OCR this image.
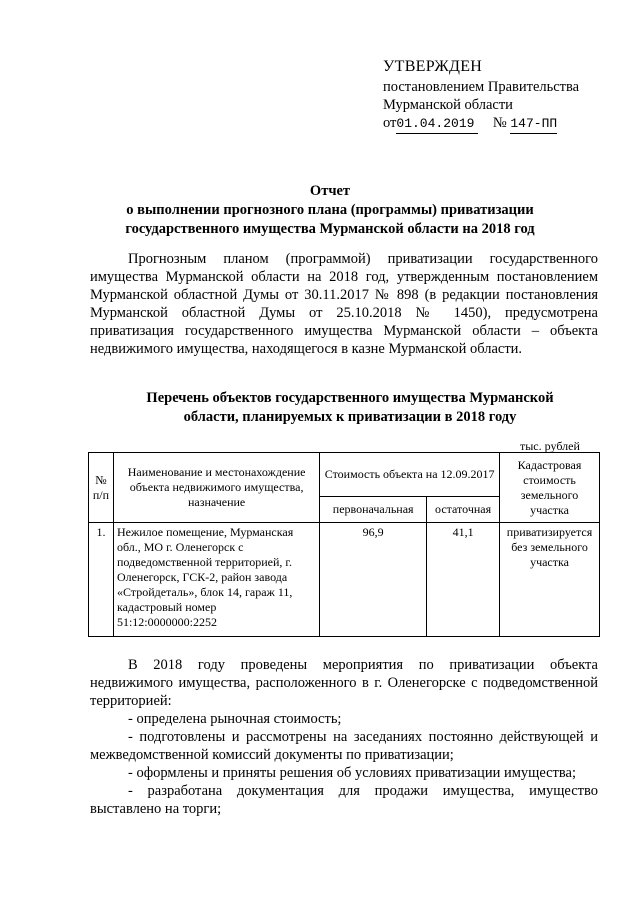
УТВЕРЖДЕН
постановлением Правительства
Мурманской области
от01.04.2019 № 147-ПП
Отчет
о выполнении прогнозного плана (программы) приватизации
государственного имущества Мурманской области на 2018 год
Прогнозным планом (программой) приватизации государственного имущества Мурманской области на 2018 год, утвержденным постановлением Мурманской областной Думы от 30.11.2017 № 898 (в редакции постановления Мурманской областной Думы от 25.10.2018 № 1450), предусмотрена приватизация государственного имущества Мурманской области – объекта недвижимого имущества, находящегося в казне Мурманской области.
Перечень объектов государственного имущества Мурманской
области, планируемых к приватизации в 2018 году
тыс. рублей
№ п/п	Наименование и местонахождение объекта недвижимого имущества, назначение	Стоимость объекта на 12.09.2017		Кадастровая стоимость земельного участка
		первоначальная	остаточная	
1.	Нежилое помещение, Мурманская обл., МО г. Оленегорск с подведомственной территорией, г. Оленегорск, ГСК-2, район завода «Стройдеталь», блок 14, гараж 11, кадастровый номер 51:12:0000000:2252	96,9	41,1	приватизируется без земельного участка
В 2018 году проведены мероприятия по приватизации объекта недвижимого имущества, расположенного в г. Оленегорске с подведомственной территорией:
- определена рыночная стоимость;
- подготовлены и рассмотрены на заседаниях постоянно действующей и межведомственной комиссий документы по приватизации;
- оформлены и приняты решения об условиях приватизации имущества;
- разработана документация для продажи имущества, имущество выставлено на торги;
